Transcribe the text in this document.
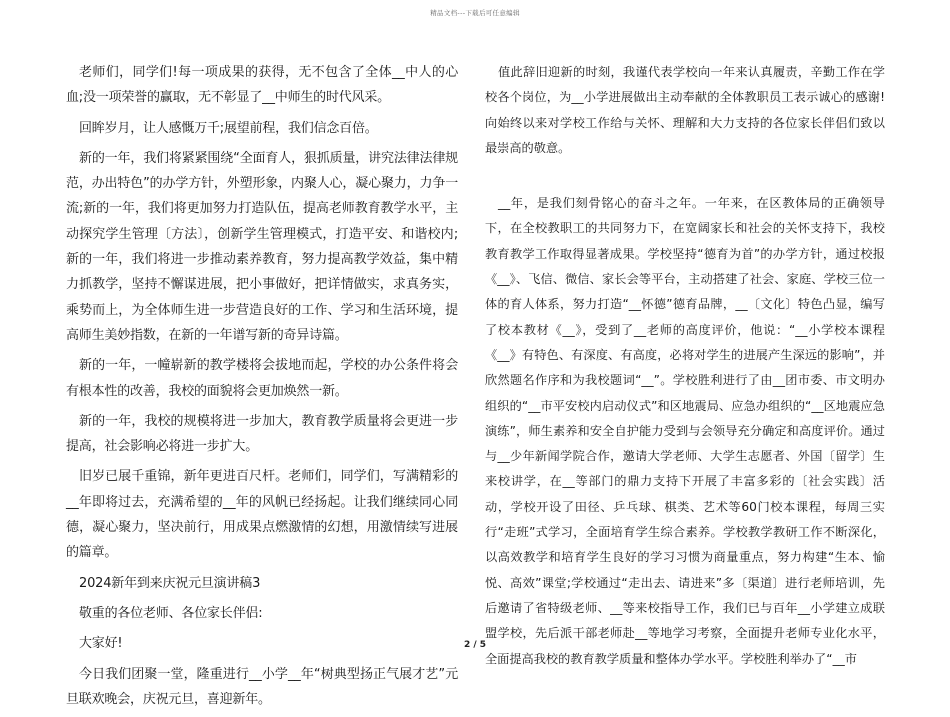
精品文档---下载后可任意编辑

老师们，同学们!每一项成果的获得，无不包含了全体__中人的心血;没一项荣誉的赢取，无不彰显了__中师生的时代风采。

回眸岁月，让人感慨万千;展望前程，我们信念百倍。

新的一年，我们将紧紧围绕“全面育人，狠抓质量，讲究法律法律规范，办出特色”的办学方针，外塑形象，内聚人心，凝心聚力，力争一流;新的一年，我们将更加努力打造队伍，提高老师教育教学水平，主动探究学生管理〔方法〕，创新学生管理模式，打造平安、和谐校内;新的一年，我们将进一步推动素养教育，努力提高教学效益，集中精力抓教学，坚持不懈谋进展，把小事做好，把详情做实，求真务实，乘势而上，为全体师生进一步营造良好的工作、学习和生活环境，提高师生美妙指数，在新的一年谱写新的奇异诗篇。

新的一年，一幢崭新的教学楼将会拔地而起，学校的办公条件将会有根本性的改善，我校的面貌将会更加焕然一新。

新的一年，我校的规模将进一步加大，教育教学质量将会更进一步提高，社会影响必将进一步扩大。

旧岁已展千重锦，新年更进百尺杆。老师们，同学们，写满精彩的__年即将过去，充满希望的__年的风帆已经扬起。让我们继续同心同德，凝心聚力，坚决前行，用成果点燃激情的幻想，用激情续写进展的篇章。

2024新年到来庆祝元旦演讲稿3

敬重的各位老师、各位家长伴侣:

大家好!

今日我们团聚一堂，隆重进行__小学__年“树典型扬正气展才艺”元旦联欢晚会，庆祝元旦，喜迎新年。

值此辞旧迎新的时刻，我谨代表学校向一年来认真履责，辛勤工作在学校各个岗位，为__小学进展做出主动奉献的全体教职员工表示诚心的感谢!向始终以来对学校工作给与关怀、理解和大力支持的各位家长伴侣们致以最崇高的敬意。

__年，是我们刻骨铭心的奋斗之年。一年来，在区教体局的正确领导下，在全校教职工的共同努力下，在宽阔家长和社会的关怀支持下，我校教育教学工作取得显著成果。学校坚持“德育为首”的办学方针，通过校报《__》、飞信、微信、家长会等平台，主动搭建了社会、家庭、学校三位一体的育人体系，努力打造“__怀德”德育品牌，__〔文化〕特色凸显，编写了校本教材《__》，受到了__老师的高度评价，他说：“__小学校本课程《__》有特色、有深度、有高度，必将对学生的进展产生深远的影响”，并欣然题名作序和为我校题词“__”。学校胜利进行了由__团市委、市文明办组织的“__市平安校内启动仪式”和区地震局、应急办组织的“__区地震应急演练”，师生素养和安全自护能力受到与会领导充分确定和高度评价。通过与__少年新闻学院合作，邀请大学老师、大学生志愿者、外国〔留学〕生来校讲学，在__等部门的鼎力支持下开展了丰富多彩的〔社会实践〕活动，学校开设了田径、乒乓球、棋类、艺术等60门校本课程，每周三实行“走班”式学习，全面培育学生综合素养。学校教学教研工作不断深化，以高效教学和培育学生良好的学习习惯为商量重点，努力构建“生本、愉悦、高效”课堂;学校通过“走出去、请进来”多〔渠道〕进行老师培训，先后邀请了省特级老师、__等来校指导工作，我们已与百年__小学建立成联盟学校，先后派干部老师赴__等地学习考察，全面提升老师专业化水平，全面提高我校的教育教学质量和整体办学水平。学校胜利举办了“__市

2 / 5
